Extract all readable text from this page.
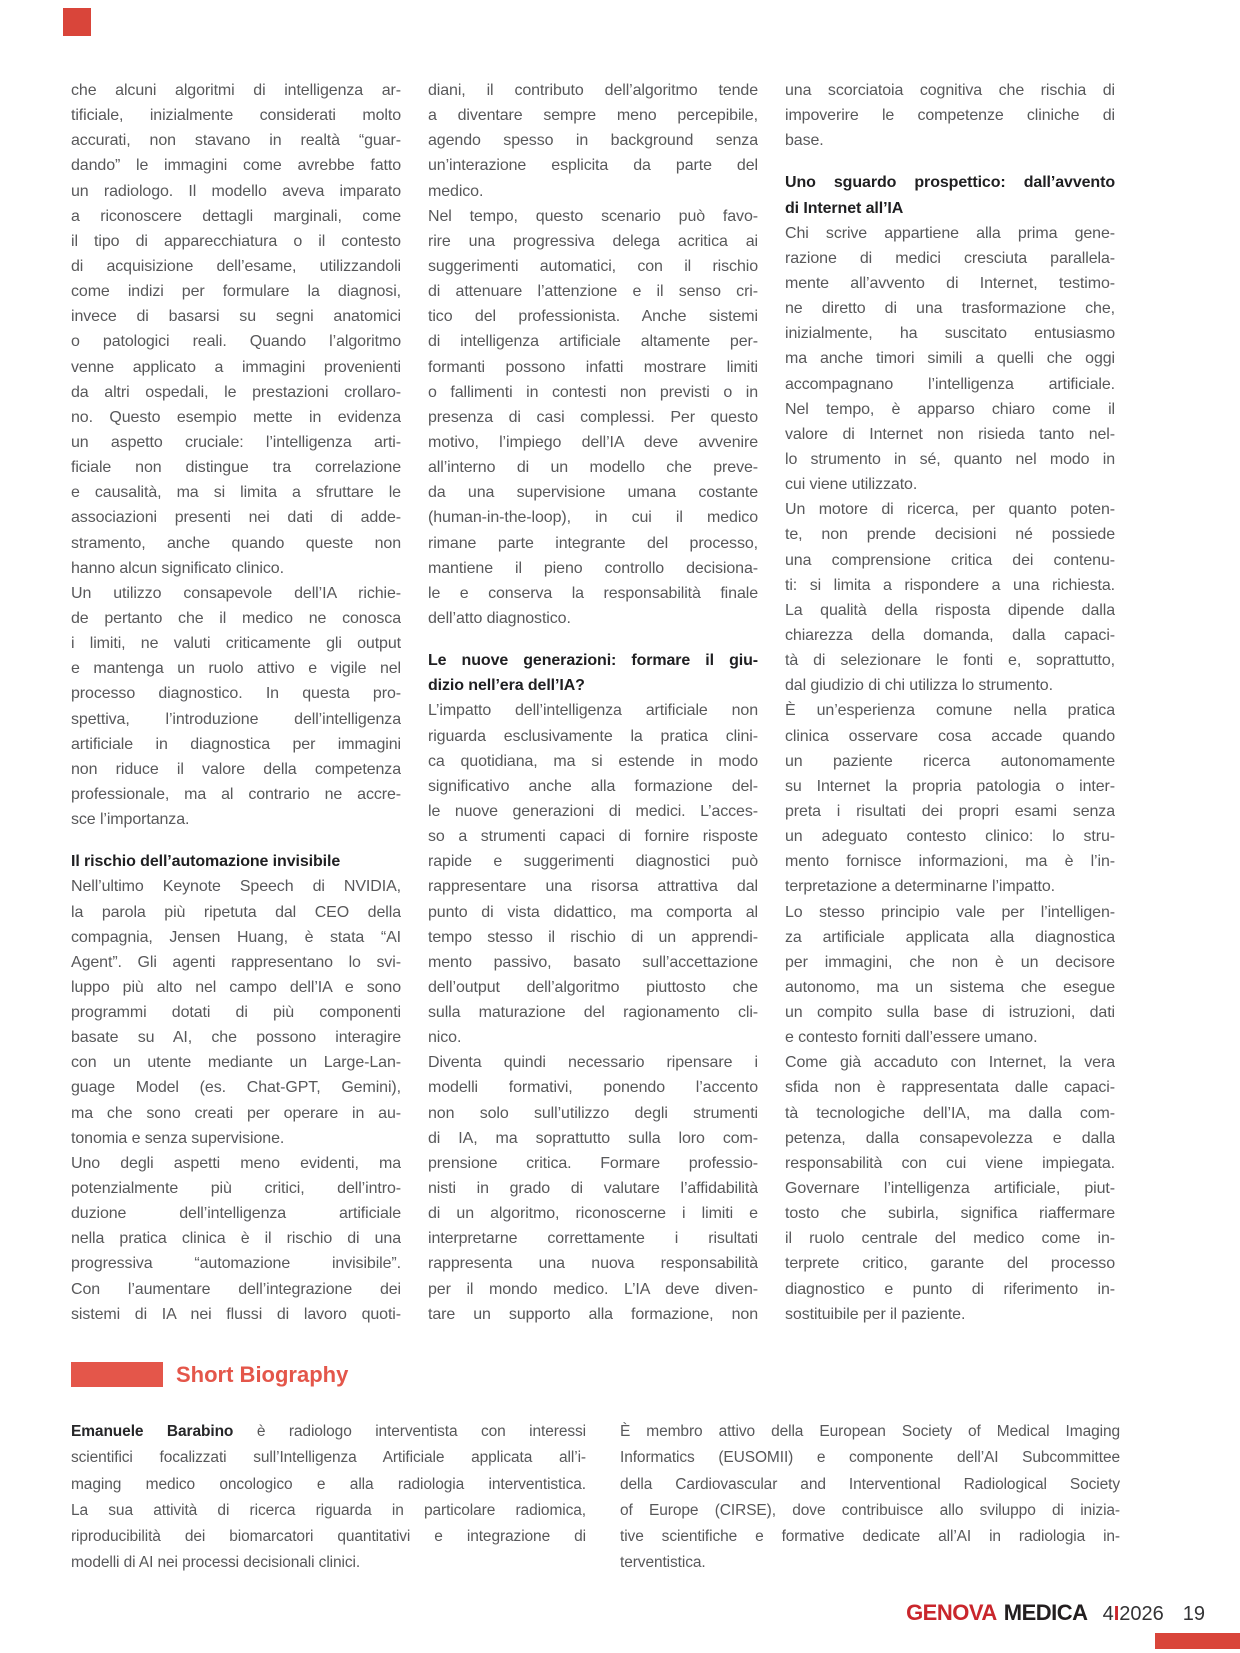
che alcuni algoritmi di intelligenza ar-
tificiale, inizialmente considerati molto
accurati, non stavano in realtà “guar-
dando” le immagini come avrebbe fatto
un radiologo. Il modello aveva imparato
a riconoscere dettagli marginali, come
il tipo di apparecchiatura o il contesto
di acquisizione dell’esame, utilizzandoli
come indizi per formulare la diagnosi,
invece di basarsi su segni anatomici
o patologici reali. Quando l’algoritmo
venne applicato a immagini provenienti
da altri ospedali, le prestazioni crollaro-
no. Questo esempio mette in evidenza
un aspetto cruciale: l’intelligenza arti-
ficiale non distingue tra correlazione
e causalità, ma si limita a sfruttare le
associazioni presenti nei dati di adde-
stramento, anche quando queste non
hanno alcun significato clinico.
Un utilizzo consapevole dell’IA richie-
de pertanto che il medico ne conosca
i limiti, ne valuti criticamente gli output
e mantenga un ruolo attivo e vigile nel
processo diagnostico. In questa pro-
spettiva, l’introduzione dell’intelligenza
artificiale in diagnostica per immagini
non riduce il valore della competenza
professionale, ma al contrario ne accre-
sce l’importanza.
Il rischio dell’automazione invisibile
Nell’ultimo Keynote Speech di NVIDIA,
la parola più ripetuta dal CEO della
compagnia, Jensen Huang, è stata “AI
Agent”. Gli agenti rappresentano lo svi-
luppo più alto nel campo dell’IA e sono
programmi dotati di più componenti
basate su AI, che possono interagire
con un utente mediante un Large-Lan-
guage Model (es. Chat-GPT, Gemini),
ma che sono creati per operare in au-
tonomia e senza supervisione.
Uno degli aspetti meno evidenti, ma
potenzialmente più critici, dell’intro-
duzione dell’intelligenza artificiale
nella pratica clinica è il rischio di una
progressiva “automazione invisibile”.
Con l’aumentare dell’integrazione dei
sistemi di IA nei flussi di lavoro quoti-
diani, il contributo dell’algoritmo tende
a diventare sempre meno percepibile,
agendo spesso in background senza
un’interazione esplicita da parte del
medico.
Nel tempo, questo scenario può favo-
rire una progressiva delega acritica ai
suggerimenti automatici, con il rischio
di attenuare l’attenzione e il senso cri-
tico del professionista. Anche sistemi
di intelligenza artificiale altamente per-
formanti possono infatti mostrare limiti
o fallimenti in contesti non previsti o in
presenza di casi complessi. Per questo
motivo, l’impiego dell’IA deve avvenire
all’interno di un modello che preve-
da una supervisione umana costante
(human-in-the-loop), in cui il medico
rimane parte integrante del processo,
mantiene il pieno controllo decisiona-
le e conserva la responsabilità finale
dell’atto diagnostico.
Le nuove generazioni: formare il giu-
dizio nell’era dell’IA?
L’impatto dell’intelligenza artificiale non
riguarda esclusivamente la pratica clini-
ca quotidiana, ma si estende in modo
significativo anche alla formazione del-
le nuove generazioni di medici. L’acces-
so a strumenti capaci di fornire risposte
rapide e suggerimenti diagnostici può
rappresentare una risorsa attrattiva dal
punto di vista didattico, ma comporta al
tempo stesso il rischio di un apprendi-
mento passivo, basato sull’accettazione
dell’output dell’algoritmo piuttosto che
sulla maturazione del ragionamento cli-
nico.
Diventa quindi necessario ripensare i
modelli formativi, ponendo l’accento
non solo sull’utilizzo degli strumenti
di IA, ma soprattutto sulla loro com-
prensione critica. Formare professio-
nisti in grado di valutare l’affidabilità
di un algoritmo, riconoscerne i limiti e
interpretarne correttamente i risultati
rappresenta una nuova responsabilità
per il mondo medico. L’IA deve diven-
tare un supporto alla formazione, non
una scorciatoia cognitiva che rischia di
impoverire le competenze cliniche di
base.
Uno sguardo prospettico: dall’avvento
di Internet all’IA
Chi scrive appartiene alla prima gene-
razione di medici cresciuta parallela-
mente all’avvento di Internet, testimo-
ne diretto di una trasformazione che,
inizialmente, ha suscitato entusiasmo
ma anche timori simili a quelli che oggi
accompagnano l’intelligenza artificiale.
Nel tempo, è apparso chiaro come il
valore di Internet non risieda tanto nel-
lo strumento in sé, quanto nel modo in
cui viene utilizzato.
Un motore di ricerca, per quanto poten-
te, non prende decisioni né possiede
una comprensione critica dei contenu-
ti: si limita a rispondere a una richiesta.
La qualità della risposta dipende dalla
chiarezza della domanda, dalla capaci-
tà di selezionare le fonti e, soprattutto,
dal giudizio di chi utilizza lo strumento.
È un’esperienza comune nella pratica
clinica osservare cosa accade quando
un paziente ricerca autonomamente
su Internet la propria patologia o inter-
preta i risultati dei propri esami senza
un adeguato contesto clinico: lo stru-
mento fornisce informazioni, ma è l’in-
terpretazione a determinarne l’impatto.
Lo stesso principio vale per l’intelligen-
za artificiale applicata alla diagnostica
per immagini, che non è un decisore
autonomo, ma un sistema che esegue
un compito sulla base di istruzioni, dati
e contesto forniti dall’essere umano.
Come già accaduto con Internet, la vera
sfida non è rappresentata dalle capaci-
tà tecnologiche dell’IA, ma dalla com-
petenza, dalla consapevolezza e dalla
responsabilità con cui viene impiegata.
Governare l’intelligenza artificiale, piut-
tosto che subirla, significa riaffermare
il ruolo centrale del medico come in-
terprete critico, garante del processo
diagnostico e punto di riferimento in-
sostituibile per il paziente.
Short Biography
Emanuele Barabino è radiologo interventista con interessi
scientifici focalizzati sull’Intelligenza Artificiale applicata all’i-
maging medico oncologico e alla radiologia interventistica.
La sua attività di ricerca riguarda in particolare radiomica,
riproducibilità dei biomarcatori quantitativi e integrazione di
modelli di AI nei processi decisionali clinici.
È membro attivo della European Society of Medical Imaging
Informatics (EUSOMII) e componente dell’AI Subcommittee
della Cardiovascular and Interventional Radiological Society
of Europe (CIRSE), dove contribuisce allo sviluppo di inizia-
tive scientifiche e formative dedicate all’AI in radiologia in-
terventistica.
GENOVA MEDICA 4I2026 19
